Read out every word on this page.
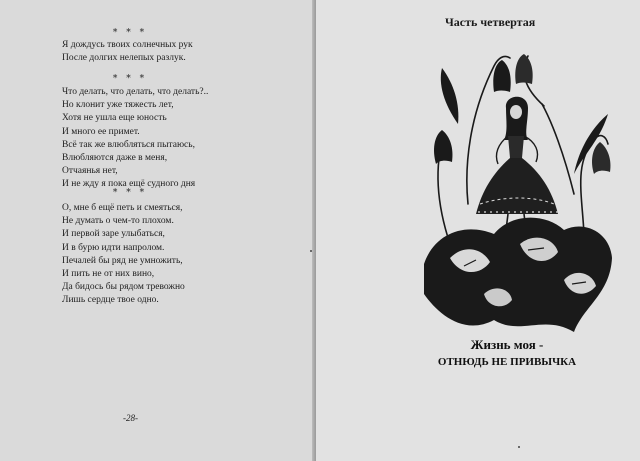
* * *
Я дождусь твоих солнечных рук
После долгих нелепых разлук.
* * *
Что делать, что делать, что делать?..
Но клонит уже тяжесть лет,
Хотя не ушла еще юность
И много ее примет.
Всё так же влюбляться пытаюсь,
Влюбляются даже в меня,
Отчаянья нет,
И не жду я пока ещё судного дня
* * *
О, мне б ещё петь и смеяться,
Не думать о чем-то плохом.
И первой заре улыбаться,
И в бурю идти напролом.
Печалей бы ряд не умножить,
И пить не от них вино,
Да бидось бы рядом тревожно
Лишь сердце твое одно.
-28-
Часть четвертая
Жизнь моя -
ОТНЮДЬ НЕ ПРИВЫЧКА
